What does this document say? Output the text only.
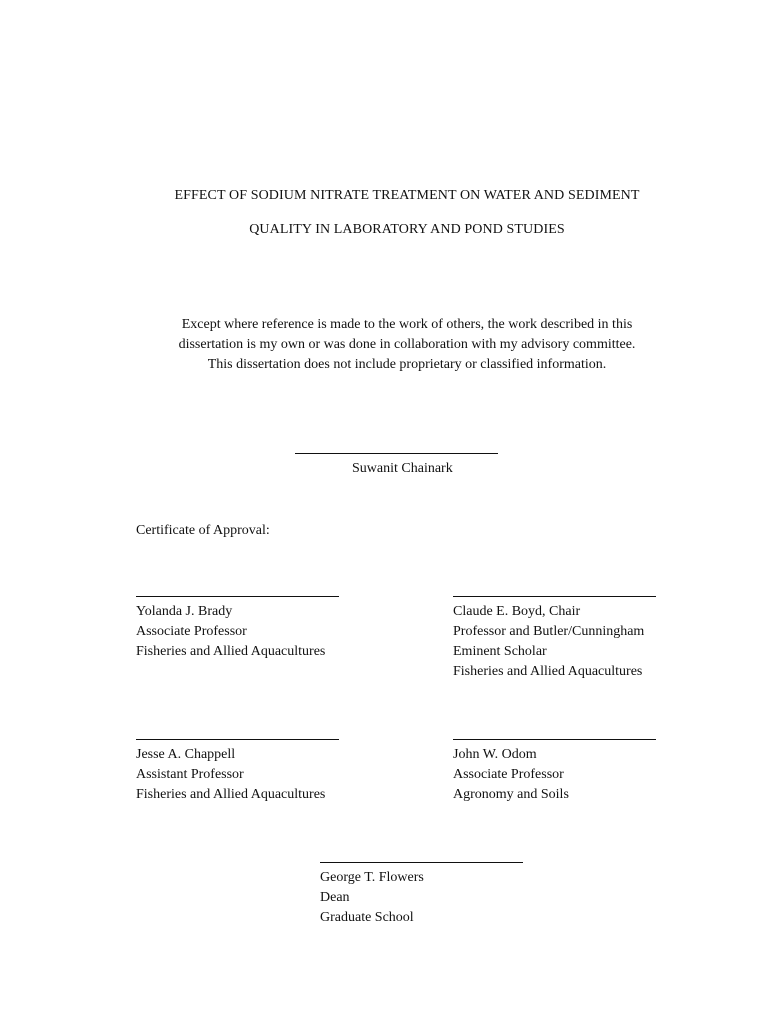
EFFECT OF SODIUM NITRATE TREATMENT ON WATER AND SEDIMENT
QUALITY IN LABORATORY AND POND STUDIES
Except where reference is made to the work of others, the work described in this
dissertation is my own or was done in collaboration with my advisory committee.
This dissertation does not include proprietary or classified information.
Suwanit Chainark
Certificate of Approval:
Yolanda J. Brady
Associate Professor
Fisheries and Allied Aquacultures
Claude E. Boyd, Chair
Professor and Butler/Cunningham
Eminent Scholar
Fisheries and Allied Aquacultures
Jesse A. Chappell
Assistant Professor
Fisheries and Allied Aquacultures
John W. Odom
Associate Professor
Agronomy and Soils
George T. Flowers
Dean
Graduate School
